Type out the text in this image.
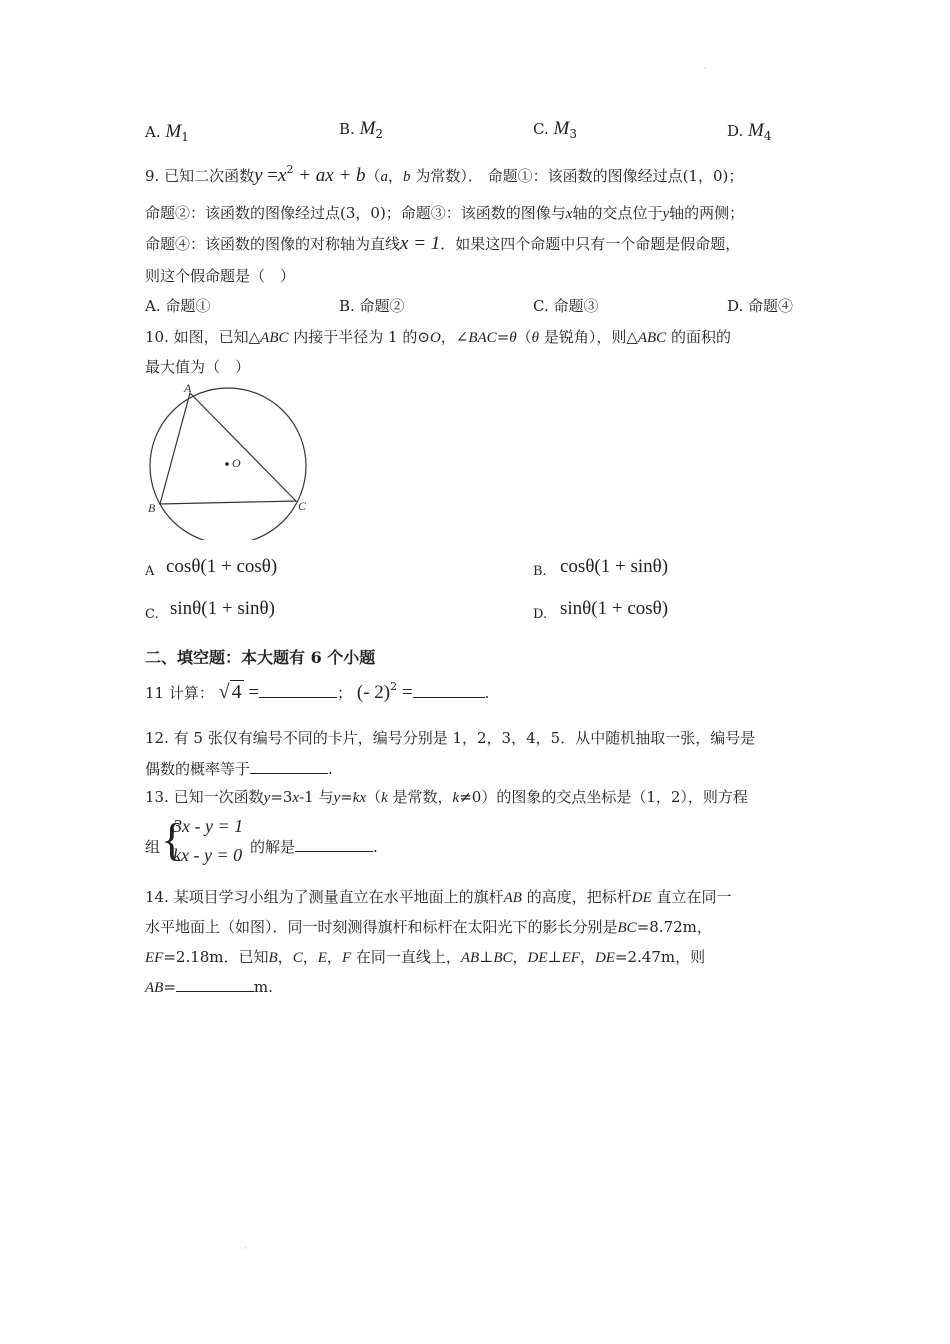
·
·
A. $M_1$	B. $M_2$	C. $M_3$	D. $M_4$
9. 已知二次函数$y =x^2$ + ax + b（a，b 为常数）． 命题①：该函数的图像经过点(1，0)；
命题②：该函数的图像经过点(3，0)；命题③：该函数的图像与x轴的交点位于y轴的两侧；
命题④：该函数的图像的对称轴为直线x = 1．如果这四个命题中只有一个命题是假命题，
则这个假命题是（　）
A. 命题①	B. 命题②	C. 命题③	D. 命题④
10. 如图，已知△ABC 内接于半径为 1 的⊙O，∠BAC=θ（θ 是锐角），则△ABC 的面积的
最大值为（　）
A
B	C
O
A cosθ(1 + cosθ)	B. cosθ(1 + sinθ)
C. sinθ(1 + sinθ)	D. sinθ(1 + cosθ)
二、填空题：本大题有 6 个小题
11 计算： √ 4 =	； (- 2)$^2$ =	.
12. 有 5 张仅有编号不同的卡片，编号分别是 1，2，3，4，5．从中随机抽取一张，编号是
偶数的概率等于	.
13. 已知一次函数y=3x-1 与y=kx（k 是常数，k≠0）的图象的交点坐标是（1，2），则方程
组 {
3x - y = 1
kx - y = 0 的解是	.
14. 某项目学习小组为了测量直立在水平地面上的旗杆AB 的高度，把标杆DE 直立在同一
水平地面上（如图）．同一时刻测得旗杆和标杆在太阳光下的影长分别是BC=8.72m，
EF=2.18m．已知B，C，E，F 在同一直线上，AB⊥BC，DE⊥EF，DE=2.47m，则
AB=	m.
